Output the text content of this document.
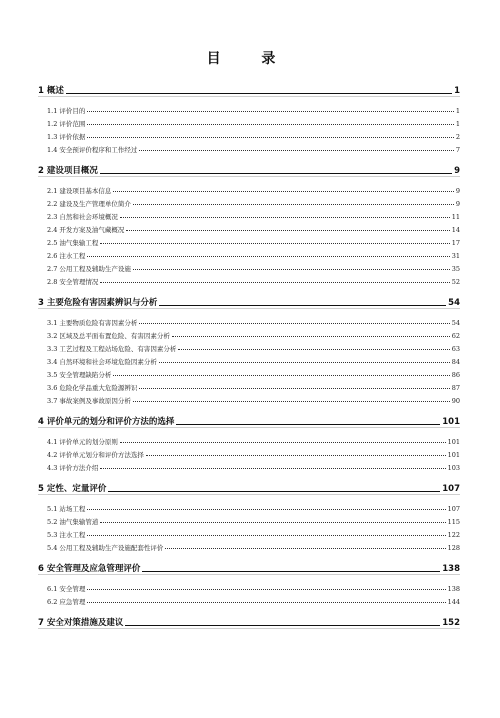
目 录
1 概述	1
1.1 评价目的	1
1.2 评价范围	1
1.3 评价依据	2
1.4 安全预评价程序和工作经过	7
2 建设项目概况	9
2.1 建设项目基本信息	9
2.2 建设及生产管理单位简介	9
2.3 自然和社会环境概况	11
2.4 开发方案及油气藏概况	14
2.5 油气集输工程	17
2.6 注水工程	31
2.7 公用工程及辅助生产设施	35
2.8 安全管理情况	52
3 主要危险有害因素辨识与分析	54
3.1 主要物质危险有害因素分析	54
3.2 区域及总平面布置危险、有害因素分析	62
3.3 工艺过程及工程站场危险、有害因素分析	63
3.4 自然环境和社会环境危险因素分析	84
3.5 安全管理缺陷分析	86
3.6 危险化学品重大危险源辨识	87
3.7 事故案例及事故原因分析	90
4 评价单元的划分和评价方法的选择	101
4.1 评价单元的划分原则	101
4.2 评价单元划分和评价方法选择	101
4.3 评价方法介绍	103
5 定性、定量评价	107
5.1 站场工程	107
5.2 油气集输管道	115
5.3 注水工程	122
5.4 公用工程及辅助生产设施配套性评价	128
6 安全管理及应急管理评价	138
6.1 安全管理	138
6.2 应急管理	144
7 安全对策措施及建议	152
